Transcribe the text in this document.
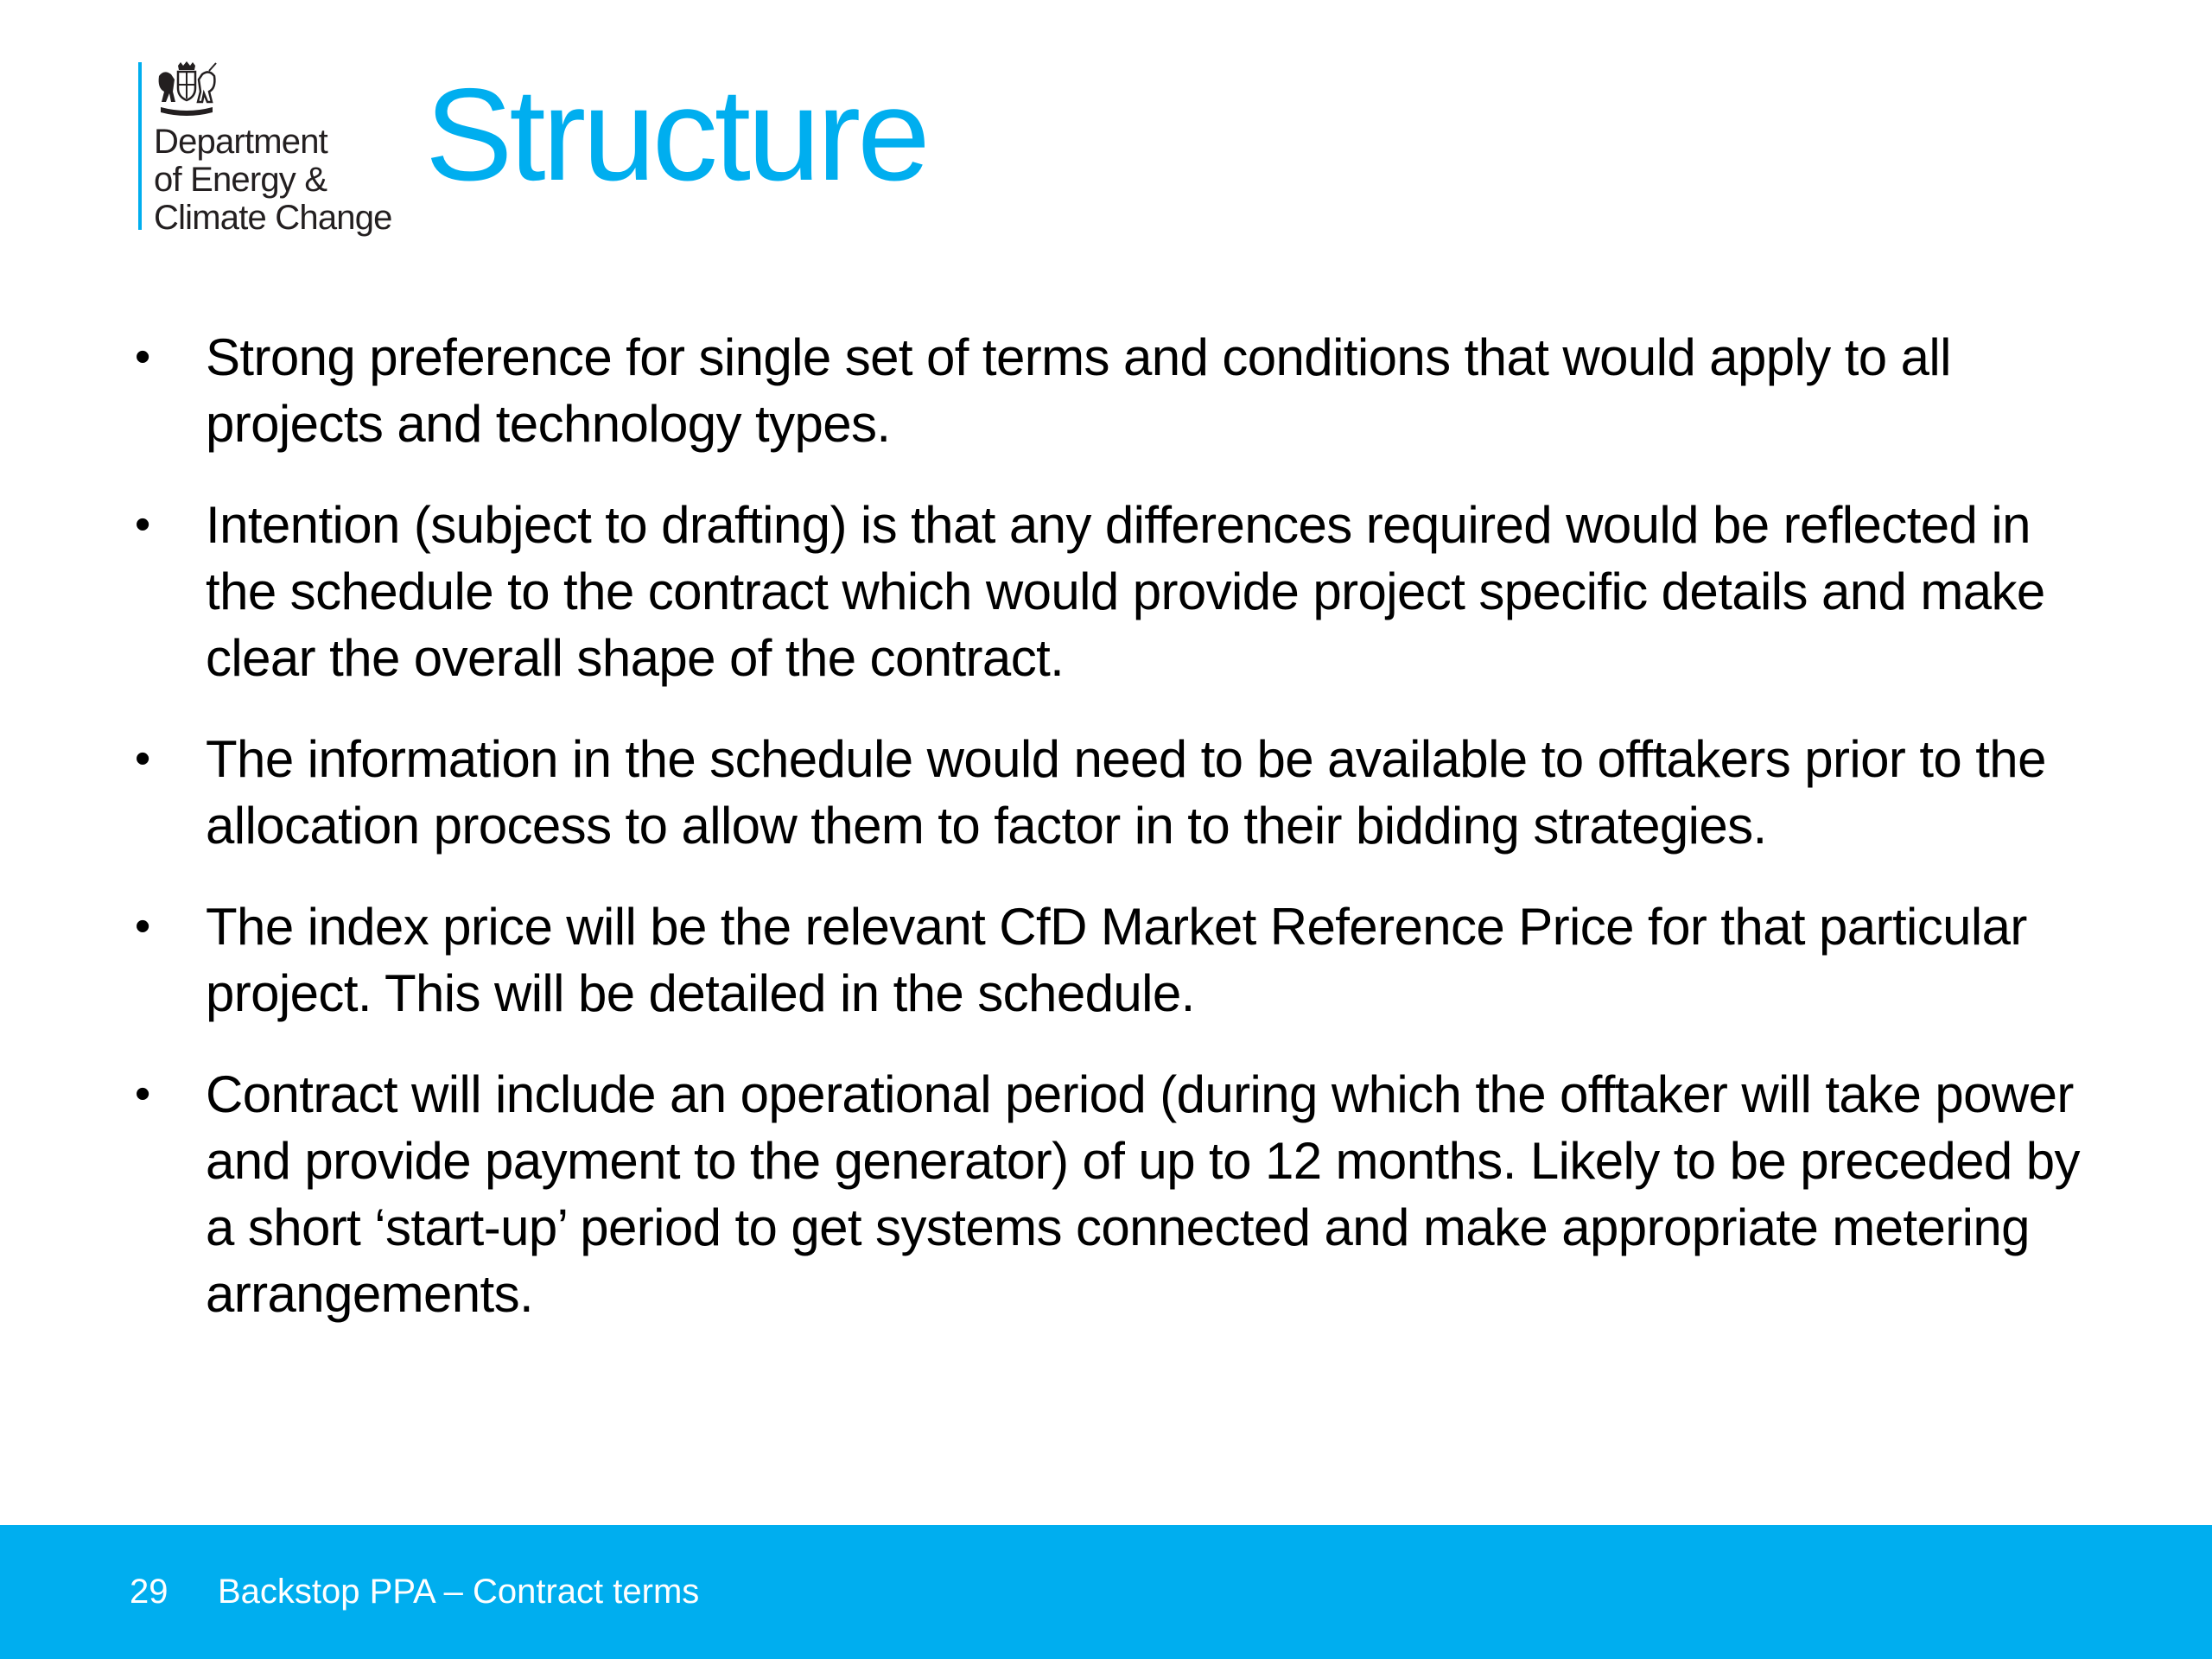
Department
of Energy &
Climate Change
Structure
• Strong preference for single set of terms and conditions that would apply to all projects and technology types.
• Intention (subject to drafting) is that any differences required would be reflected in the schedule to the contract which would provide project specific details and make clear the overall shape of the contract.
• The information in the schedule would need to be available to offtakers prior to the allocation process to allow them to factor in to their bidding strategies.
• The index price will be the relevant CfD Market Reference Price for that particular project. This will be detailed in the schedule.
• Contract will include an operational period (during which the offtaker will take power and provide payment to the generator) of up to 12 months. Likely to be preceded by a short ‘start-up’ period to get systems connected and make appropriate metering arrangements.
29 Backstop PPA – Contract terms
